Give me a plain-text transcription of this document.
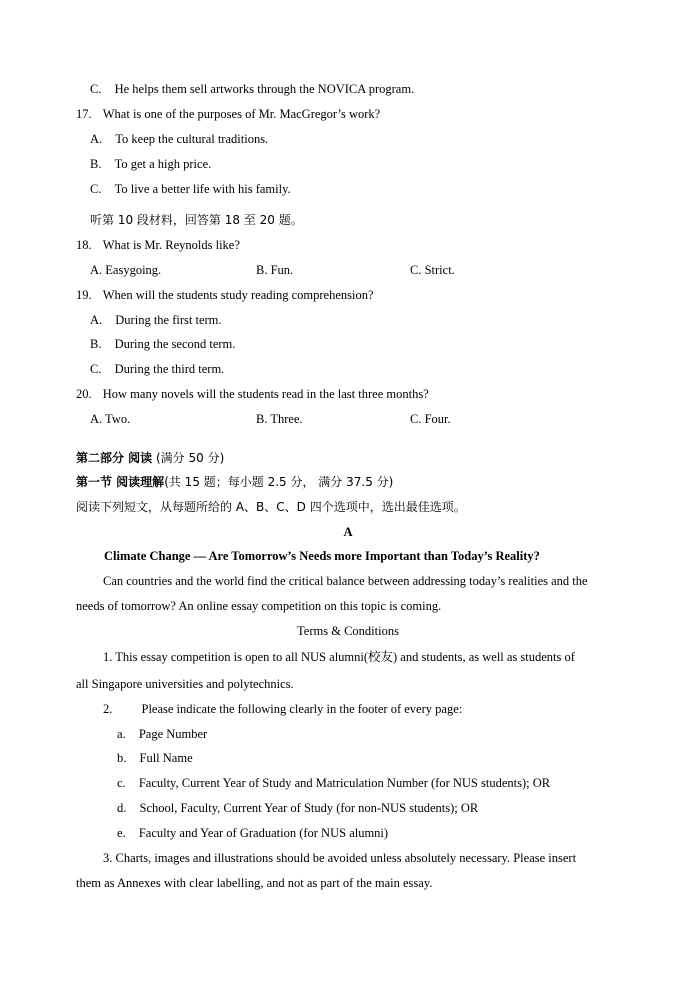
C. He helps them sell artworks through the NOVICA program.
17. What is one of the purposes of Mr. MacGregor’s work?
A. To keep the cultural traditions.
B. To get a high price.
C. To live a better life with his family.
听第 10 段材料，回答第 18 至 20 题。
18. What is Mr. Reynolds like?
A. Easygoing.	B. Fun.	C. Strict.
19. When will the students study reading comprehension?
A. During the first term.
B. During the second term.
C. During the third term.
20. How many novels will the students read in the last three months?
A. Two.	B. Three.	C. Four.
第二部分 阅读 (满分 50 分)
第一节 阅读理解(共 15 题；每小题 2.5 分， 满分 37.5 分)
阅读下列短文，从每题所给的 A、B、C、D 四个选项中，选出最佳选项。
A
Climate Change — Are Tomorrow’s Needs more Important than Today’s Reality?
Can countries and the world find the critical balance between addressing today’s realities and the
needs of tomorrow? An online essay competition on this topic is coming.
Terms & Conditions
1. This essay competition is open to all NUS alumni(校友) and students, as well as students of
all Singapore universities and polytechnics.
2. Please indicate the following clearly in the footer of every page:
a. Page Number
b. Full Name
c. Faculty, Current Year of Study and Matriculation Number (for NUS students); OR
d. School, Faculty, Current Year of Study (for non-NUS students); OR
e. Faculty and Year of Graduation (for NUS alumni)
3. Charts, images and illustrations should be avoided unless absolutely necessary. Please insert
them as Annexes with clear labelling, and not as part of the main essay.
